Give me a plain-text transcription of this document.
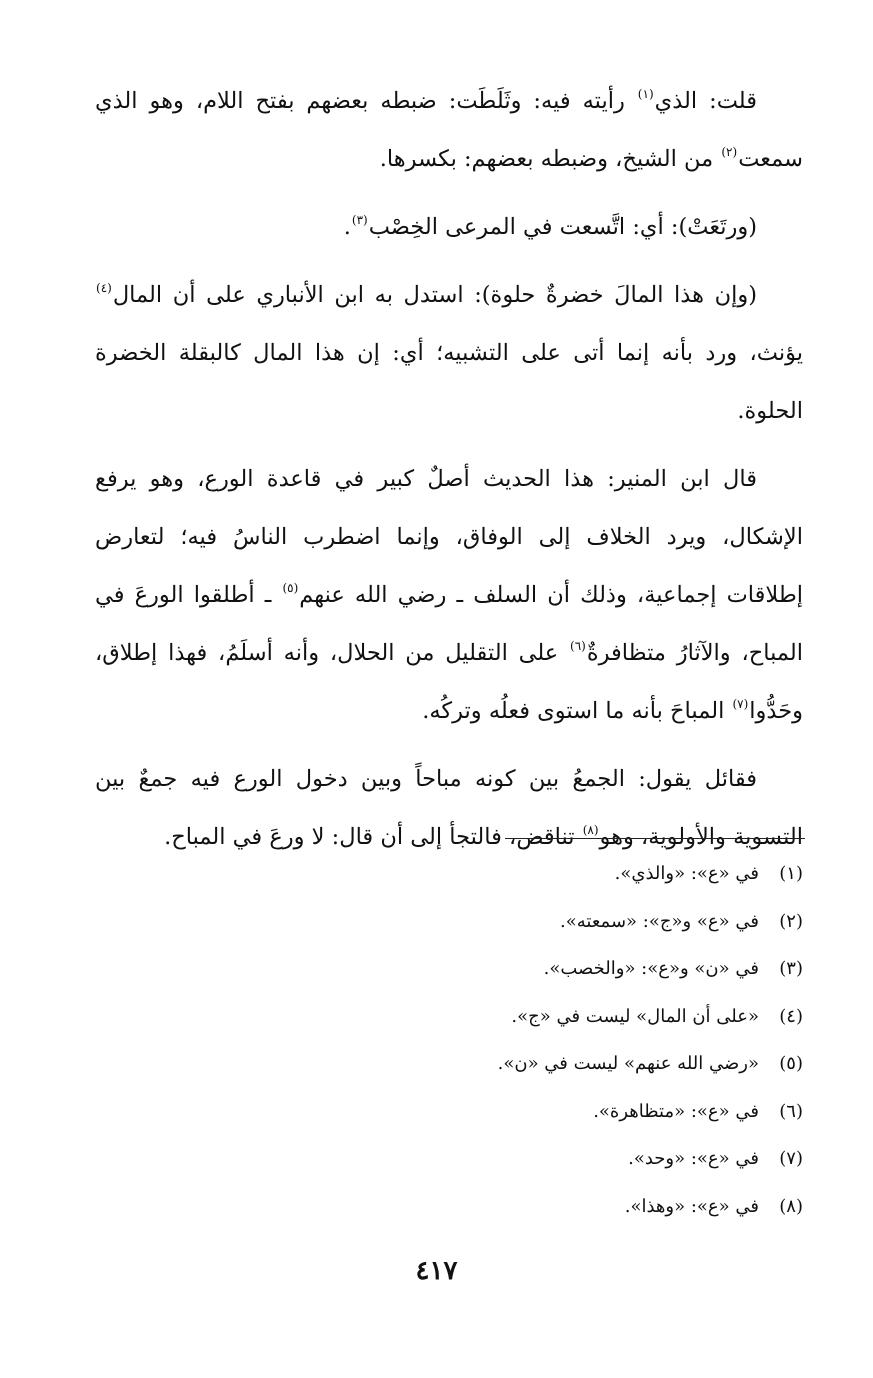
قلت: الذي$^{(١)}$ رأيته فيه: وثَلَطَت: ضبطه بعضهم بفتح اللام، وهو الذي سمعت$^{(٢)}$ من الشيخ، وضبطه بعضهم: بكسرها.

(ورتَعَتْ): أي: اتَّسعت في المرعى الخِصْب$^{(٣)}$.

(وإن هذا المالَ خضرةٌ حلوة): استدل به ابن الأنباري على أن المال$^{(٤)}$ يؤنث، ورد بأنه إنما أتى على التشبيه؛ أي: إن هذا المال كالبقلة الخضرة الحلوة.

قال ابن المنير: هذا الحديث أصلٌ كبير في قاعدة الورع، وهو يرفع الإشكال، ويرد الخلاف إلى الوفاق، وإنما اضطرب الناسُ فيه؛ لتعارض إطلاقات إجماعية، وذلك أن السلف ـ رضي الله عنهم$^{(٥)}$ ـ أطلقوا الورعَ في المباح، والآثارُ متظافرةٌ$^{(٦)}$ على التقليل من الحلال، وأنه أسلَمُ، فهذا إطلاق، وحَدُّوا$^{(٧)}$ المباحَ بأنه ما استوى فعلُه وتركُه.

فقائل يقول: الجمعُ بين كونه مباحاً وبين دخول الورع فيه جمعٌ بين التسوية والأولوية، وهو$^{(٨)}$ تناقض، فالتجأ إلى أن قال: لا ورعَ في المباح.

(١)في «ع»: «والذي».
(٢)في «ع» و«ج»: «سمعته».
(٣)في «ن» و«ع»: «والخصب».
(٤)«على أن المال» ليست في «ج».
(٥)«رضي الله عنهم» ليست في «ن».
(٦)في «ع»: «متظاهرة».
(٧)في «ع»: «وحد».
(٨)في «ع»: «وهذا».
٤١٧
